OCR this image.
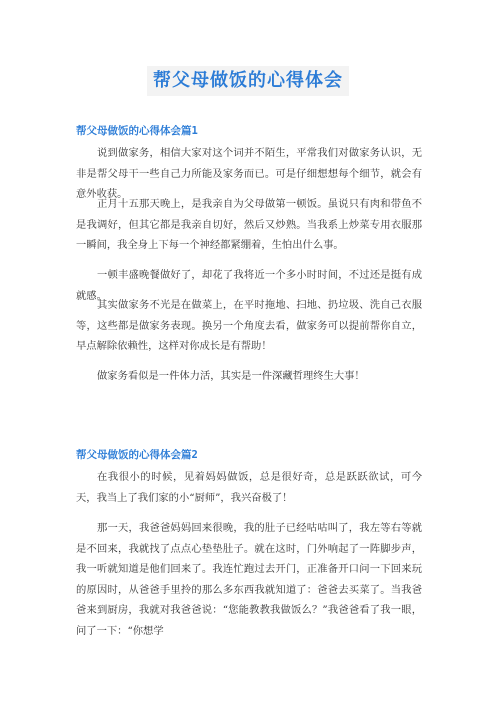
帮父母做饭的心得体会
帮父母做饭的心得体会篇1

说到做家务，相信大家对这个词并不陌生，平常我们对做家务认识，无非是帮父母干一些自己力所能及家务而已。可是仔细想想每个细节，就会有意外收获。

正月十五那天晚上，是我亲自为父母做第一顿饭。虽说只有肉和带鱼不是我调好，但其它都是我亲自切好，然后又炒熟。当我系上炒菜专用衣服那一瞬间，我全身上下每一个神经都紧绷着，生怕出什么事。

一顿丰盛晚餐做好了，却花了我将近一个多小时时间，不过还是挺有成就感。

其实做家务不光是在做菜上，在平时拖地、扫地、扔垃圾、洗自己衣服等，这些都是做家务表现。换另一个角度去看，做家务可以提前帮你自立，早点解除依赖性，这样对你成长是有帮助！

做家务看似是一件体力活，其实是一件深藏哲理终生大事！

帮父母做饭的心得体会篇2

在我很小的时候，见着妈妈做饭，总是很好奇，总是跃跃欲试，可今天，我当上了我们家的小“厨师”，我兴奋极了！

那一天，我爸爸妈妈回来很晚，我的肚子已经咕咕叫了，我左等右等就是不回来，我就找了点点心垫垫肚子。就在这时，门外响起了一阵脚步声，我一听就知道是他们回来了。我连忙跑过去开门，正准备开口问一下回来玩的原因时，从爸爸手里拎的那么多东西我就知道了：爸爸去买菜了。当我爸爸来到厨房，我就对我爸爸说：“您能教教我做饭么？”我爸爸看了我一眼，问了一下：“你想学
